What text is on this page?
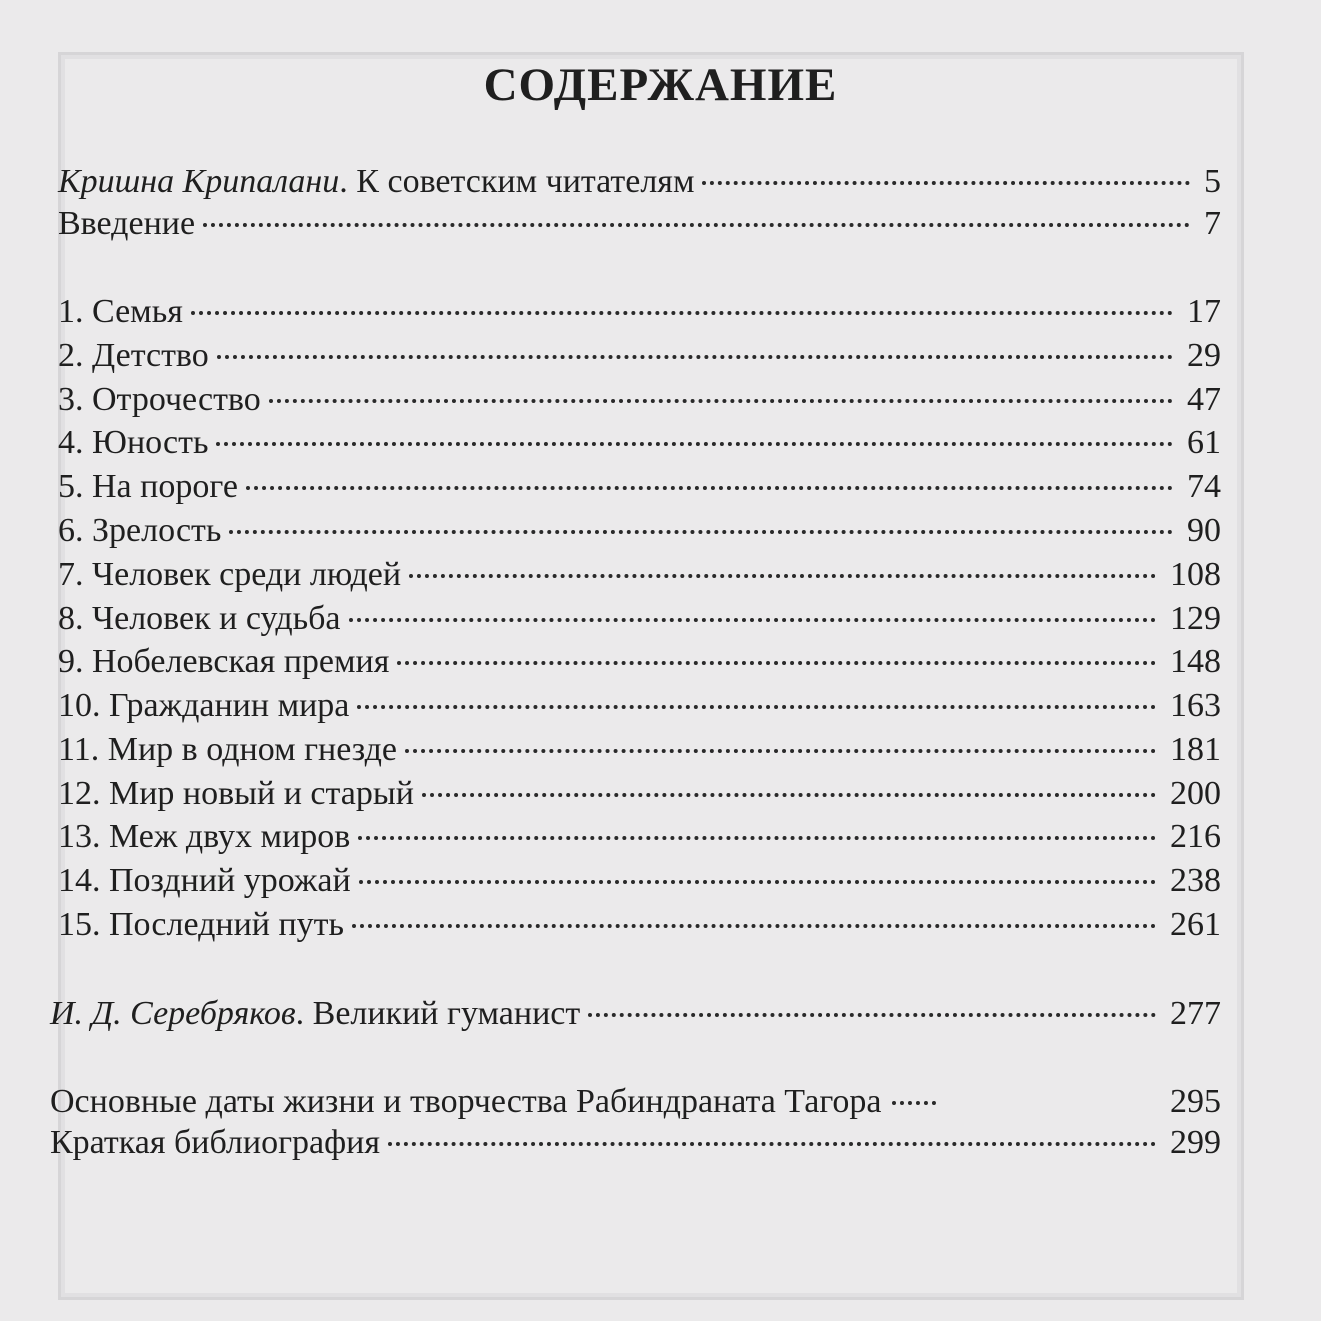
СОДЕРЖАНИЕ
Кришна Крипалани. К советским читателям	5
Введение	7
1. Семья	17
2. Детство	29
3. Отрочество	47
4. Юность	61
5. На пороге	74
6. Зрелость	90
7. Человек среди людей	108
8. Человек и судьба	129
9. Нобелевская премия	148
10. Гражданин мира	163
11. Мир в одном гнезде	181
12. Мир новый и старый	200
13. Меж двух миров	216
14. Поздний урожай	238
15. Последний путь	261
И. Д. Серебряков. Великий гуманист	277
Основные даты жизни и творчества Рабиндраната Тагора	295
Краткая библиография	299
